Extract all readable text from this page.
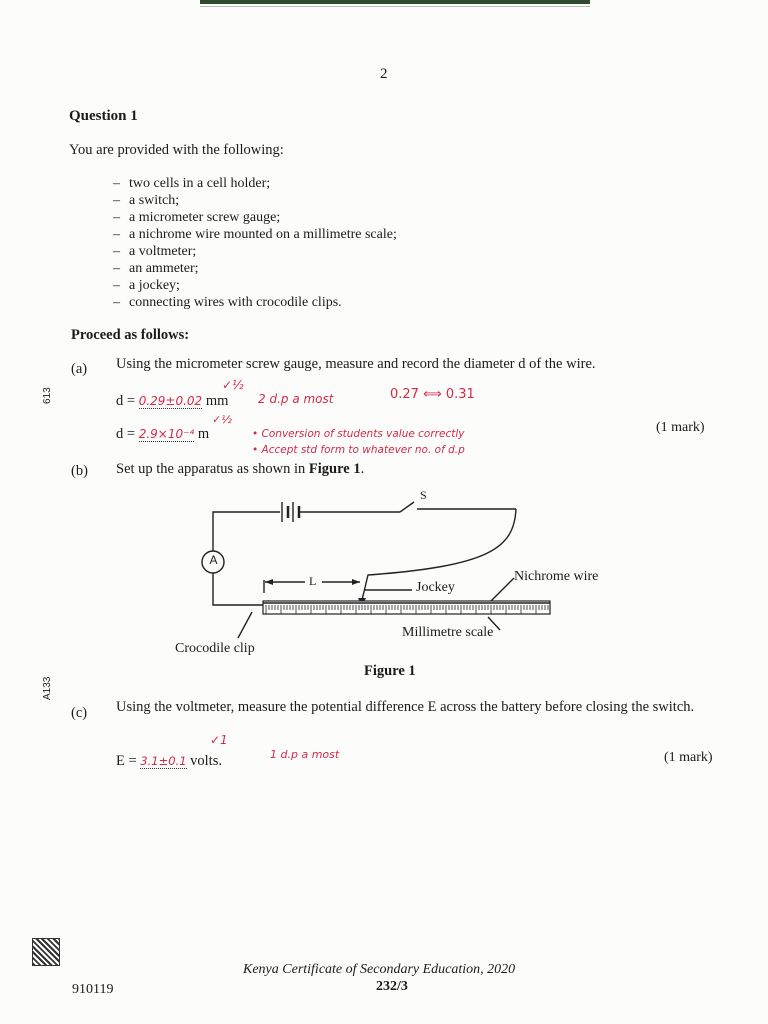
2
613
A133
Question 1
You are provided with the following:
– two cells in a cell holder;
– a switch;
– a micrometer screw gauge;
– a nichrome wire mounted on a millimetre scale;
– a voltmeter;
– an ammeter;
– a jockey;
– connecting wires with crocodile clips.
Proceed as follows:
(a) Using the micrometer screw gauge, measure and record the diameter d of the wire.
d = 0.29±0.02 mm
✓½
2 d.p a most	0.27 ⟺ 0.31
d = 2.9×10⁻⁴ m
✓½
• Conversion of students value correctly
• Accept std form to whatever no. of d.p
(1 mark)
(b) Set up the apparatus as shown in Figure 1.
A
S
L	Jockey
Nichrome wire
Millimetre scale
Crocodile clip
Figure 1
(c) Using the voltmeter, measure the potential difference E across the battery before closing the switch.
E = 3.1±0.1 volts.
✓1
1 d.p a most	(1 mark)
910119
Kenya Certificate of Secondary Education, 2020
232/3
